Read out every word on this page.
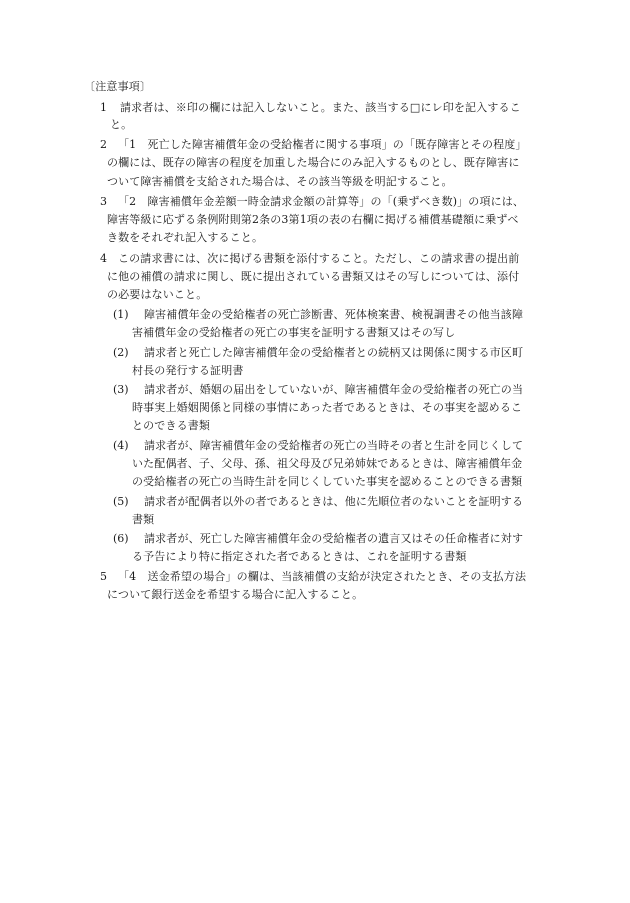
〔注意事項〕
1 請求者は、※印の欄には記入しないこと。また、該当する□にレ印を記入するこ
と。
2 「1　死亡した障害補償年金の受給権者に関する事項」の「既存障害とその程度」
の欄には、既存の障害の程度を加重した場合にのみ記入するものとし、既存障害に
ついて障害補償を支給された場合は、その該当等級を明記すること。
3 「2　障害補償年金差額一時金請求金額の計算等」の「(乗ずべき数)」の項には、
障害等級に応ずる条例附則第2条の3第1項の表の右欄に掲げる補償基礎額に乗ずべ
き数をそれぞれ記入すること。
4 この請求書には、次に掲げる書類を添付すること。ただし、この請求書の提出前
に他の補償の請求に関し、既に提出されている書類又はその写しについては、添付
の必要はないこと。
(1) 障害補償年金の受給権者の死亡診断書、死体検案書、検視調書その他当該障
害補償年金の受給権者の死亡の事実を証明する書類又はその写し
(2) 請求者と死亡した障害補償年金の受給権者との続柄又は関係に関する市区町
村長の発行する証明書
(3) 請求者が、婚姻の届出をしていないが、障害補償年金の受給権者の死亡の当
時事実上婚姻関係と同様の事情にあった者であるときは、その事実を認めるこ
とのできる書類
(4) 請求者が、障害補償年金の受給権者の死亡の当時その者と生計を同じくして
いた配偶者、子、父母、孫、祖父母及び兄弟姉妹であるときは、障害補償年金
の受給権者の死亡の当時生計を同じくしていた事実を認めることのできる書類
(5) 請求者が配偶者以外の者であるときは、他に先順位者のないことを証明する
書類
(6) 請求者が、死亡した障害補償年金の受給権者の遺言又はその任命権者に対す
る予告により特に指定された者であるときは、これを証明する書類
5 「4　送金希望の場合」の欄は、当該補償の支給が決定されたとき、その支払方法
について銀行送金を希望する場合に記入すること。
